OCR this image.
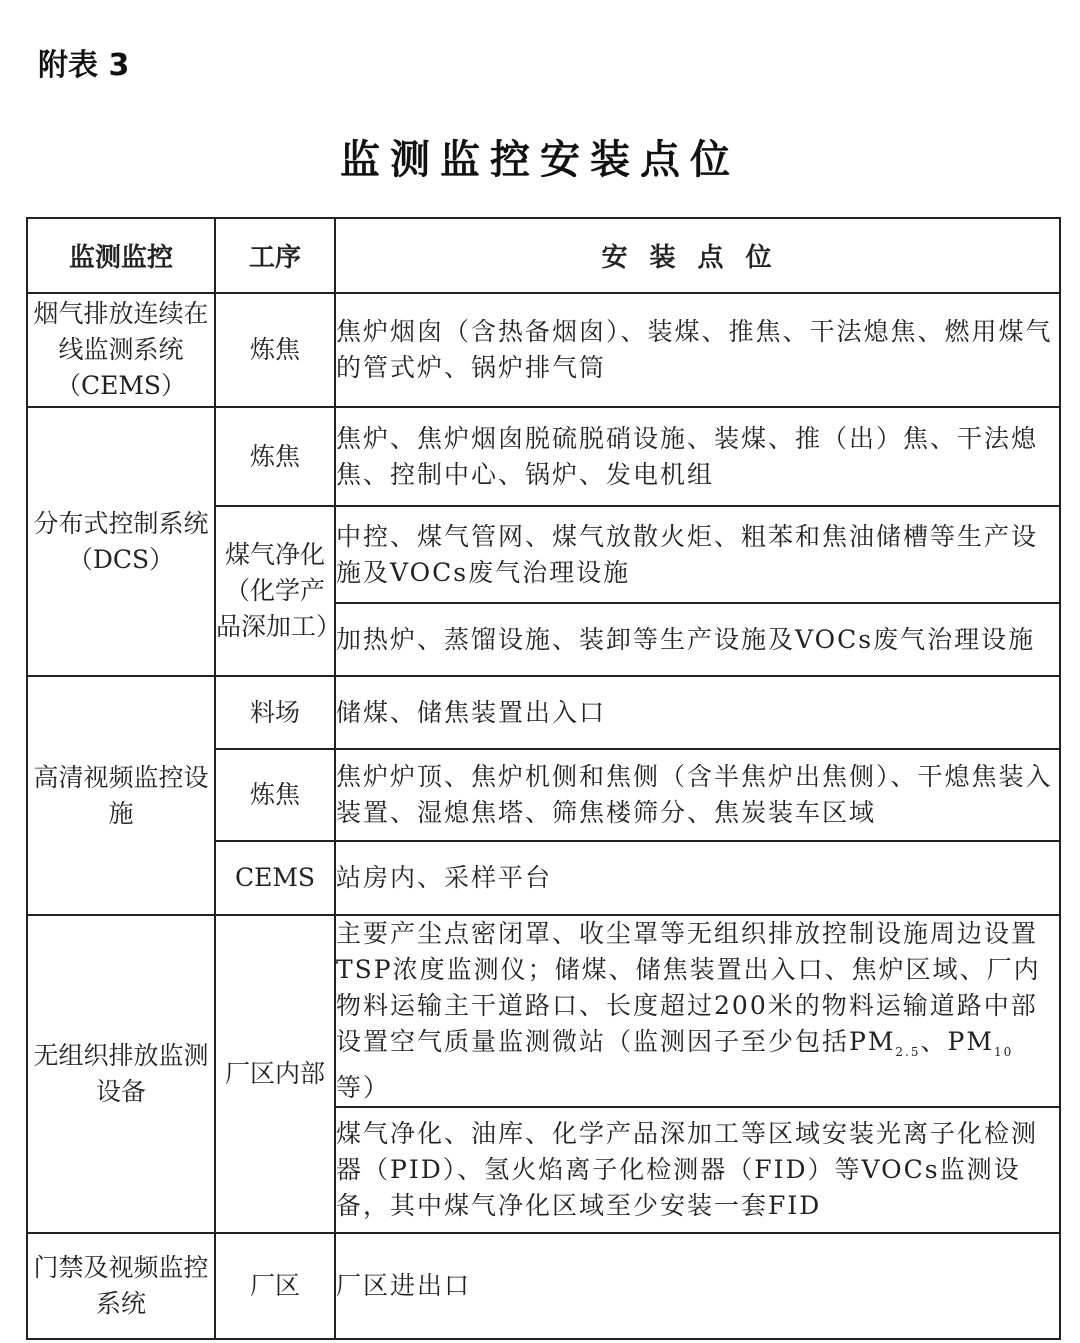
附表 3
监测监控安装点位
监测监控	工序	安装点位
烟气排放连续在线监测系统（CEMS）	炼焦	焦炉烟囱（含热备烟囱）、装煤、推焦、干法熄焦、燃用煤气的管式炉、锅炉排气筒
分布式控制系统（DCS）	炼焦	焦炉、焦炉烟囱脱硫脱硝设施、装煤、推（出）焦、干法熄焦、控制中心、锅炉、发电机组
	煤气净化（化学产品深加工）	中控、煤气管网、煤气放散火炬、粗苯和焦油储槽等生产设施及VOCs废气治理设施
		加热炉、蒸馏设施、装卸等生产设施及VOCs废气治理设施
高清视频监控设施	料场	储煤、储焦装置出入口
	炼焦	焦炉炉顶、焦炉机侧和焦侧（含半焦炉出焦侧）、干熄焦装入装置、湿熄焦塔、筛焦楼筛分、焦炭装车区域
	CEMS	站房内、采样平台
无组织排放监测设备	厂区内部	主要产尘点密闭罩、收尘罩等无组织排放控制设施周边设置TSP浓度监测仪；储煤、储焦装置出入口、焦炉区域、厂内物料运输主干道路口、长度超过200米的物料运输道路中部设置空气质量监测微站（监测因子至少包括$PM_{2.5}$、$PM_{10}$等）
		煤气净化、油库、化学产品深加工等区域安装光离子化检测器（PID）、氢火焰离子化检测器（FID）等VOCs监测设备，其中煤气净化区域至少安装一套FID
门禁及视频监控系统	厂区	厂区进出口
